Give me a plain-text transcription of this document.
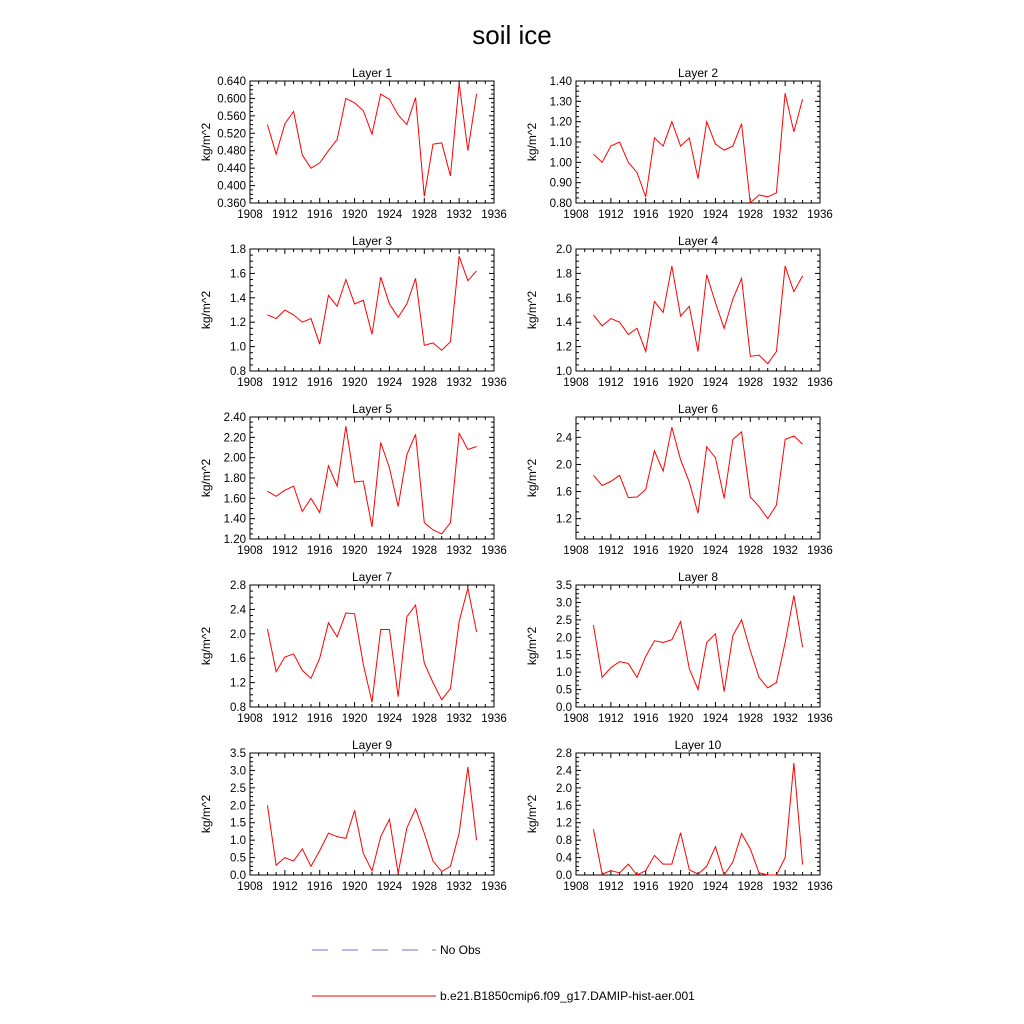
soil ice
Layer 1
1908 1912 1916 1920 1924 1928 1932 1936
0.360
0.400
0.440
0.480
0.520
0.560
0.600
0.640
kg/m^2
Layer 2
1908 1912 1916 1920 1924 1928 1932 1936
0.80
0.90
1.00
1.10
1.20
1.30
1.40
kg/m^2
Layer 3
1908 1912 1916 1920 1924 1928 1932 1936
0.8
1.0
1.2
1.4
1.6
1.8
kg/m^2
Layer 4
1908 1912 1916 1920 1924 1928 1932 1936
1.0
1.2
1.4
1.6
1.8
2.0
kg/m^2
Layer 5
1908 1912 1916 1920 1924 1928 1932 1936
1.20
1.40
1.60
1.80
2.00
2.20
2.40
kg/m^2
Layer 6
1908 1912 1916 1920 1924 1928 1932 1936
1.2
1.6
2.0
2.4
kg/m^2
Layer 7
1908 1912 1916 1920 1924 1928 1932 1936
0.8
1.2
1.6
2.0
2.4
2.8
kg/m^2
Layer 8
1908 1912 1916 1920 1924 1928 1932 1936
0.0
0.5
1.0
1.5
2.0
2.5
3.0
3.5
kg/m^2
Layer 9
1908 1912 1916 1920 1924 1928 1932 1936
0.0
0.5
1.0
1.5
2.0
2.5
3.0
3.5
kg/m^2
Layer 10
1908 1912 1916 1920 1924 1928 1932 1936
0.0
0.4
0.8
1.2
1.6
2.0
2.4
2.8
kg/m^2
No Obs
b.e21.B1850cmip6.f09_g17.DAMIP-hist-aer.001
